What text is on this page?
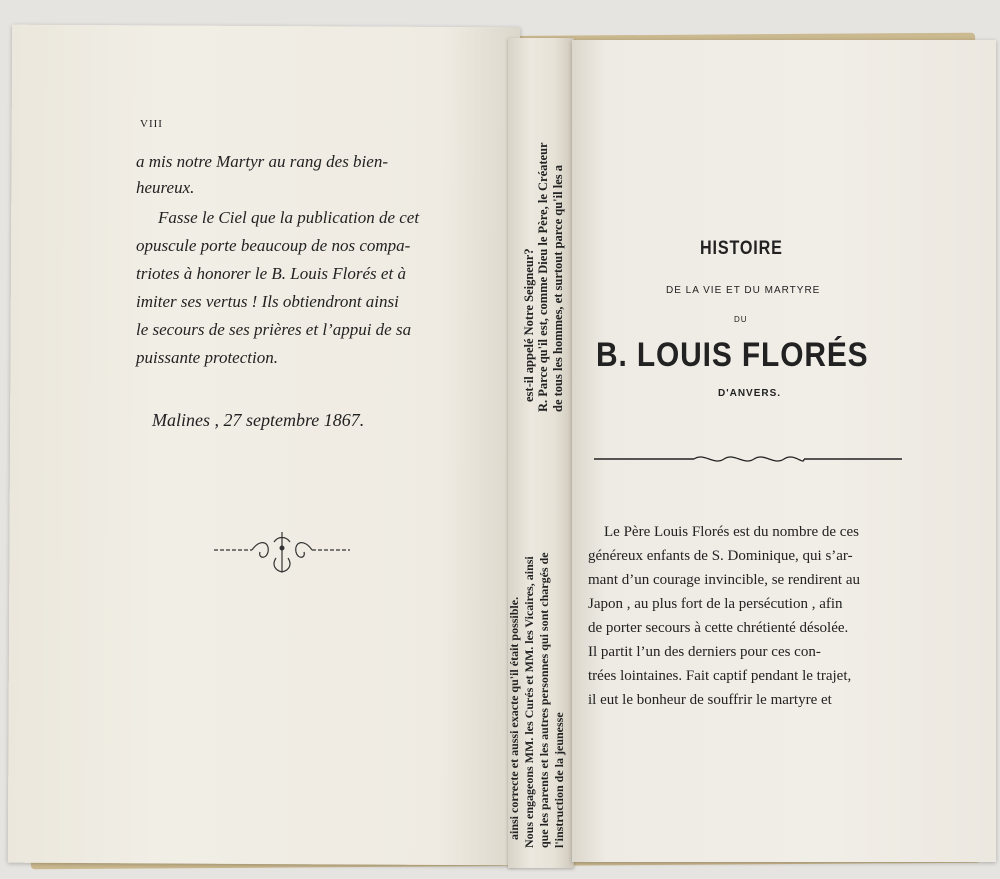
VIII
a mis notre Martyr au rang des bien-
heureux.
Fasse le Ciel que la publication de cet
opuscule porte beaucoup de nos compa-
triotes à honorer le B. Louis Florés et à
imiter ses vertus ! Ils obtiendront ainsi
le secours de ses prières et l’appui de sa
puissante protection.
Malines , 27 septembre 1867.
est-il appelé Notre Seigneur? R. Parce qu'il est, comme Dieu le Père, le Créateur de tous les hommes, et surtout parce qu'il les a
ainsi correcte et aussi exacte qu'il était possible. Nous engageons MM. les Curés et MM. les Vicaires, ainsi que les parents et les autres personnes qui sont chargés de l'instruction de la jeunesse
HISTOIRE
DE LA VIE ET DU MARTYRE
DU
B. LOUIS FLORÉS
D'ANVERS.
Le Père Louis Florés est du nombre de ces
généreux enfants de S. Dominique, qui s’ar-
mant d’un courage invincible, se rendirent au
Japon , au plus fort de la persécution , afin
de porter secours à cette chrétienté désolée.
Il partit l’un des derniers pour ces con-
trées lointaines. Fait captif pendant le trajet,
il eut le bonheur de souffrir le martyre et
